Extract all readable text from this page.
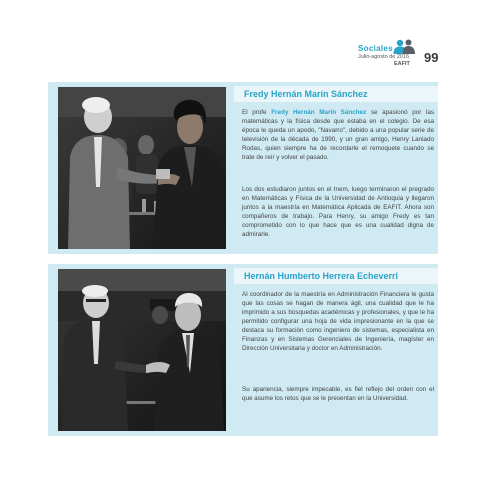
Sociales
Julio-agosto de 2016
EAFIT 99
Fredy Hernán Marín Sánchez

El profe Fredy Hernán Marín Sánchez se apasionó por las matemáticas y la física desde que estaba en el colegio. De esa época le queda un apodo, "Navarro", debido a una popular serie de televisión de la década de 1990, y un gran amigo, Henry Laniado Rodas, quien siempre ha de recordarle el remoquete cuando se trate de reír y volver el pasado.

Los dos estudiaron juntos en el Inem, luego terminaron el pregrado en Matemáticas y Física de la Universidad de Antioquia y llegaron juntos a la maestría en Matemática Aplicada de EAFIT. Ahora son compañeros de trabajo. Para Henry, su amigo Fredy es tan comprometido con lo que hace que es una cualidad digna de admirarle.

Hernán Humberto Herrera Echeverri

Al coordinador de la maestría en Administración Financiera le gusta que las cosas se hagan de manera ágil, una cualidad que le ha imprimido a sus búsquedas académicas y profesionales, y que le ha permitido configurar una hoja de vida impresionante en la que se destaca su formación como ingeniero de sistemas, especialista en Finanzas y en Sistemas Gerenciales de Ingeniería, magíster en Dirección Universitaria y doctor en Administración.

Su apariencia, siempre impecable, es fiel reflejo del orden con el que asume los retos que se le presentan en la Universidad.
